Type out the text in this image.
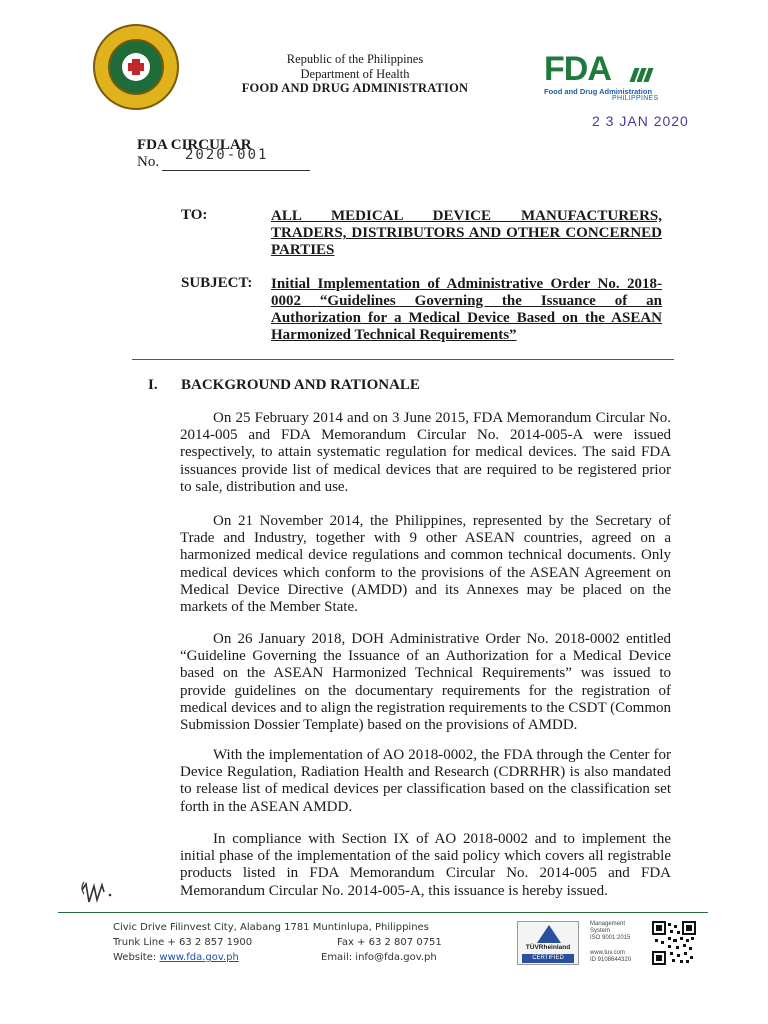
Republic of the Philippines
Department of Health
FOOD AND DRUG ADMINISTRATION	FDA
Food and Drug Administration
PHILIPPINES
2 3 JAN 2020
FDA CIRCULAR
No. 2020-001
TO:	ALL MEDICAL DEVICE MANUFACTURERS, TRADERS, DISTRIBUTORS AND OTHER CONCERNED PARTIES
SUBJECT: Initial Implementation of Administrative Order No. 2018-0002 “Guidelines Governing the Issuance of an Authorization for a Medical Device Based on the ASEAN Harmonized Technical Requirements”
I. BACKGROUND AND RATIONALE
On 25 February 2014 and on 3 June 2015, FDA Memorandum Circular No. 2014-005 and FDA Memorandum Circular No. 2014-005-A were issued respectively, to attain systematic regulation for medical devices. The said FDA issuances provide list of medical devices that are required to be registered prior to sale, distribution and use.
On 21 November 2014, the Philippines, represented by the Secretary of Trade and Industry, together with 9 other ASEAN countries, agreed on a harmonized medical device regulations and common technical documents. Only medical devices which conform to the provisions of the ASEAN Agreement on Medical Device Directive (AMDD) and its Annexes may be placed on the markets of the Member State.
On 26 January 2018, DOH Administrative Order No. 2018-0002 entitled “Guideline Governing the Issuance of an Authorization for a Medical Device based on the ASEAN Harmonized Technical Requirements” was issued to provide guidelines on the documentary requirements for the registration of medical devices and to align the registration requirements to the CSDT (Common Submission Dossier Template) based on the provisions of AMDD.
With the implementation of AO 2018-0002, the FDA through the Center for Device Regulation, Radiation Health and Research (CDRRHR) is also mandated to release list of medical devices per classification based on the classification set forth in the ASEAN AMDD.
In compliance with Section IX of AO 2018-0002 and to implement the initial phase of the implementation of the said policy which covers all registrable products listed in FDA Memorandum Circular No. 2014-005 and FDA Memorandum Circular No. 2014-005-A, this issuance is hereby issued.
Civic Drive Filinvest City, Alabang 1781 Muntinlupa, Philippines
Trunk Line + 63 2 857 1900	Fax + 63 2 807 0751
Website: www.fda.gov.ph	Email: info@fda.gov.ph
TÜVRheinland
CERTIFIED
Management
System
ISO 9001:2015
www.tuv.com
ID 9108644320
